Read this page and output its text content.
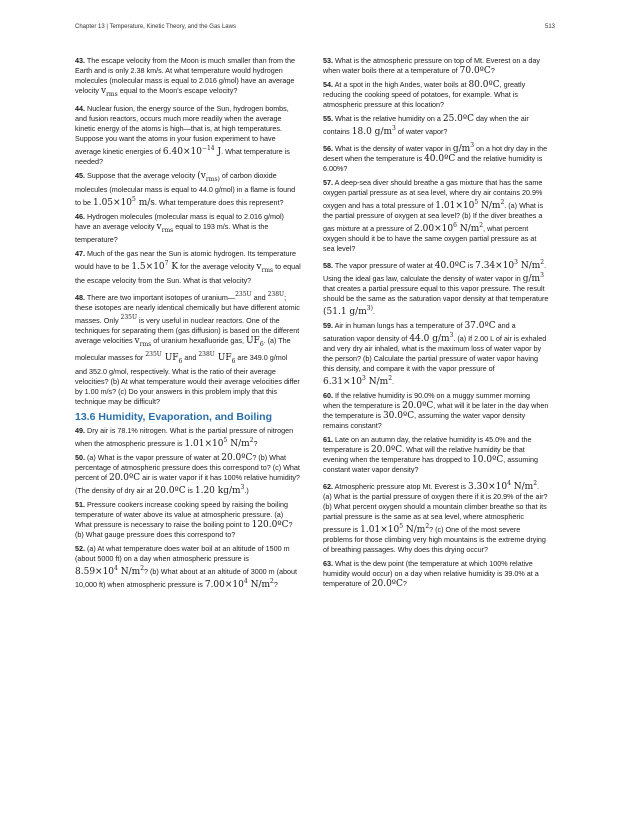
Chapter 13 | Temperature, Kinetic Theory, and the Gas Laws	513

43. The escape velocity from the Moon is much smaller than from the Earth and is only 2.38 km/s. At what temperature would hydrogen molecules (molecular mass is equal to 2.016 g/mol) have an average velocity $v_{rms}$ equal to the Moon's escape velocity?

44. Nuclear fusion, the energy source of the Sun, hydrogen bombs, and fusion reactors, occurs much more readily when the average kinetic energy of the atoms is high—that is, at high temperatures. Suppose you want the atoms in your fusion experiment to have average kinetic energies of $6.40\times 10^{-14}$ J. What temperature is needed?

45. Suppose that the average velocity ($v_{rms)}$ of carbon dioxide molecules (molecular mass is equal to 44.0 g/mol) in a flame is found to be $1.05\times 10^5$ m/s. What temperature does this represent?

46. Hydrogen molecules (molecular mass is equal to 2.016 g/mol) have an average velocity $v_{rms}$ equal to 193 m/s. What is the temperature?

47. Much of the gas near the Sun is atomic hydrogen. Its temperature would have to be $1.5\times 10^7$ K for the average velocity $v_{rms}$ to equal the escape velocity from the Sun. What is that velocity?

48. There are two important isotopes of uranium—$^{235U}$ and $^{238U}$; these isotopes are nearly identical chemically but have different atomic masses. Only $^{235U}$ is very useful in nuclear reactors. One of the techniques for separating them (gas diffusion) is based on the different average velocities $v_{rms}$ of uranium hexafluoride gas, $UF_6$. (a) The molecular masses for $^{235U}$ $UF_6$ and $^{238U}$ $UF_6$ are 349.0 g/mol and 352.0 g/mol, respectively. What is the ratio of their average velocities? (b) At what temperature would their average velocities differ by 1.00 m/s? (c) Do your answers in this problem imply that this technique may be difficult?

13.6 Humidity, Evaporation, and Boiling

49. Dry air is 78.1% nitrogen. What is the partial pressure of nitrogen when the atmospheric pressure is $1.01\times 10^5$ $N/m^2$?

50. (a) What is the vapor pressure of water at 20.0ºC? (b) What percentage of atmospheric pressure does this correspond to? (c) What percent of 20.0ºC air is water vapor if it has 100% relative humidity? (The density of dry air at 20.0ºC is 1.20 $kg/m^3$.)

51. Pressure cookers increase cooking speed by raising the boiling temperature of water above its value at atmospheric pressure. (a) What pressure is necessary to raise the boiling point to 120.0ºC? (b) What gauge pressure does this correspond to?

52. (a) At what temperature does water boil at an altitude of 1500 m (about 5000 ft) on a day when atmospheric pressure is $8.59\times 10^4$ $N/m^2$? (b) What about at an altitude of 3000 m (about 10,000 ft) when atmospheric pressure is $7.00\times 10^4$ $N/m^2$?

53. What is the atmospheric pressure on top of Mt. Everest on a day when water boils there at a temperature of 70.0ºC?

54. At a spot in the high Andes, water boils at 80.0ºC, greatly reducing the cooking speed of potatoes, for example. What is atmospheric pressure at this location?

55. What is the relative humidity on a 25.0ºC day when the air contains 18.0 $g/m^3$ of water vapor?

56. What is the density of water vapor in $g/m^3$ on a hot dry day in the desert when the temperature is 40.0ºC and the relative humidity is 6.00%?

57. A deep-sea diver should breathe a gas mixture that has the same oxygen partial pressure as at sea level, where dry air contains 20.9% oxygen and has a total pressure of $1.01\times 10^5$ $N/m^2$. (a) What is the partial pressure of oxygen at sea level? (b) If the diver breathes a gas mixture at a pressure of $2.00\times 10^6$ $N/m^2$, what percent oxygen should it be to have the same oxygen partial pressure as at sea level?

58. The vapor pressure of water at 40.0ºC is $7.34\times 10^3$ $N/m^2$. Using the ideal gas law, calculate the density of water vapor in $g/m^3$ that creates a partial pressure equal to this vapor pressure. The result should be the same as the saturation vapor density at that temperature (51.1 $g/m^{3)}$.

59. Air in human lungs has a temperature of 37.0ºC and a saturation vapor density of 44.0 $g/m^3$. (a) If 2.00 L of air is exhaled and very dry air inhaled, what is the maximum loss of water vapor by the person? (b) Calculate the partial pressure of water vapor having this density, and compare it with the vapor pressure of $6.31\times 10^3$ $N/m^2$.

60. If the relative humidity is 90.0% on a muggy summer morning when the temperature is 20.0ºC, what will it be later in the day when the temperature is 30.0ºC, assuming the water vapor density remains constant?

61. Late on an autumn day, the relative humidity is 45.0% and the temperature is 20.0ºC. What will the relative humidity be that evening when the temperature has dropped to 10.0ºC, assuming constant water vapor density?

62. Atmospheric pressure atop Mt. Everest is $3.30\times 10^4$ $N/m^2$. (a) What is the partial pressure of oxygen there if it is 20.9% of the air? (b) What percent oxygen should a mountain climber breathe so that its partial pressure is the same as at sea level, where atmospheric pressure is $1.01\times 10^5$ $N/m^2$? (c) One of the most severe problems for those climbing very high mountains is the extreme drying of breathing passages. Why does this drying occur?

63. What is the dew point (the temperature at which 100% relative humidity would occur) on a day when relative humidity is 39.0% at a temperature of 20.0ºC?
